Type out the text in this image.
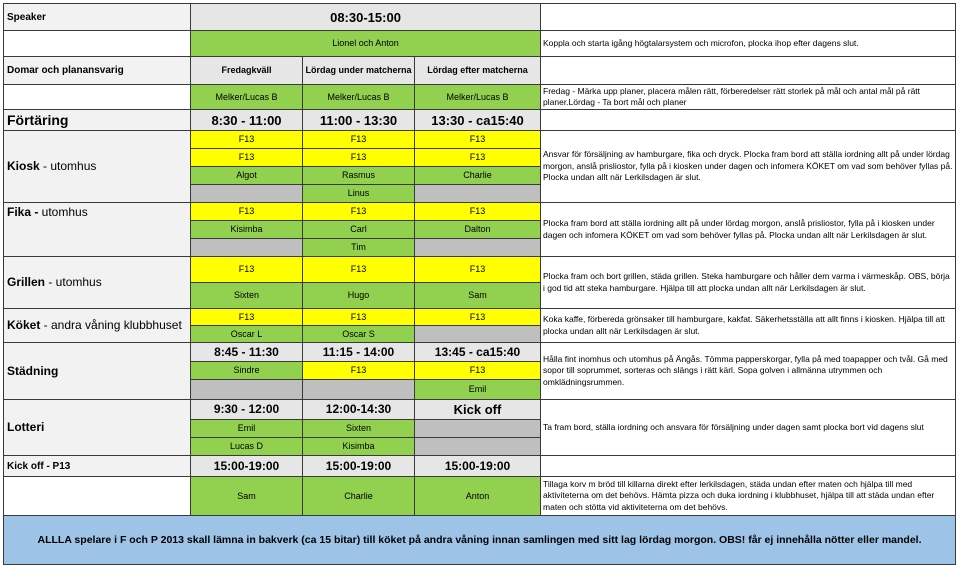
Speaker	08:30-15:00			
	Lionel och Anton			Koppla och starta igång högtalarsystem och microfon, plocka ihop efter dagens slut.
Domar och planansvarig	Fredagkväll	Lördag under matcherna	Lördag efter matcherna	
	Melker/Lucas B	Melker/Lucas B	Melker/Lucas B	Fredag - Märka upp planer, placera målen rätt, förberedelser rätt storlek på mål och antal mål på rätt planer.Lördag - Ta bort mål och planer
Förtäring	8:30 - 11:00	11:00 - 13:30	13:30 - ca15:40	
Kiosk - utomhus	F13	F13	F13	Ansvar för försäljning av hamburgare, fika och dryck. Plocka fram bord att ställa iordning allt på under lördag morgon, anslå prisliostor, fylla på i kiosken under dagen och infomera KÖKET om vad som behöver fyllas på. Plocka undan allt när Lerkilsdagen är slut.
	F13	F13	F13	
	Algot	Rasmus	Charlie	
		Linus		
Fika - utomhus	F13	F13	F13	Plocka fram bord att ställa iordning allt på under lördag morgon, anslå prisliostor, fylla på i kiosken under dagen och infomera KÖKET om vad som behöver fyllas på. Plocka undan allt när Lerkilsdagen är slut.
	Kisimba	Carl	Dalton	
		Tim		
Grillen - utomhus	F13	F13	F13	Plocka fram och bort grillen, städa grillen. Steka hamburgare och håller dem varma i värmeskåp. OBS, börja i god tid att steka hamburgare. Hjälpa till att plocka undan allt när Lerkilsdagen är slut.
	Sixten	Hugo	Sam	
Köket - andra våning klubbhuset	F13	F13	F13	Koka kaffe, förbereda grönsaker till hamburgare, kakfat. Säkerhetsställa att allt finns i kiosken. Hjälpa till att plocka undan allt när Lerkilsdagen är slut.
	Oscar L	Oscar S		
Städning	8:45 - 11:30	11:15 - 14:00	13:45 - ca15:40	Hålla fint inomhus och utomhus på Ängås. Tömma papperskorgar, fylla på med toapapper och tvål. Gå med sopor till soprummet, sorteras och slängs i rätt kärl. Sopa golven i allmänna utrymmen och omklädningsrummen.
	Sindre	F13	F13	
			Emil	
Lotteri	9:30 - 12:00	12:00-14:30	Kick off	Ta fram bord, ställa iordning och ansvara för försäljning under dagen samt plocka bort vid dagens slut
	Emil	Sixten		
	Lucas D	Kisimba		
Kick off - P13	15:00-19:00	15:00-19:00	15:00-19:00	
	Sam	Charlie	Anton	Tillaga korv m bröd till killarna direkt efter lerkilsdagen, städa undan efter maten och hjälpa till med aktiviteterna om det behövs. Hämta pizza och duka iordning i klubbhuset, hjälpa till att städa undan efter maten och stötta vid aktiviteterna om det behövs.
ALLLA spelare i F och P 2013 skall lämna in bakverk (ca 15 bitar) till köket på andra våning innan samlingen med sitt lag lördag morgon. OBS! får ej innehålla nötter eller mandel.				
